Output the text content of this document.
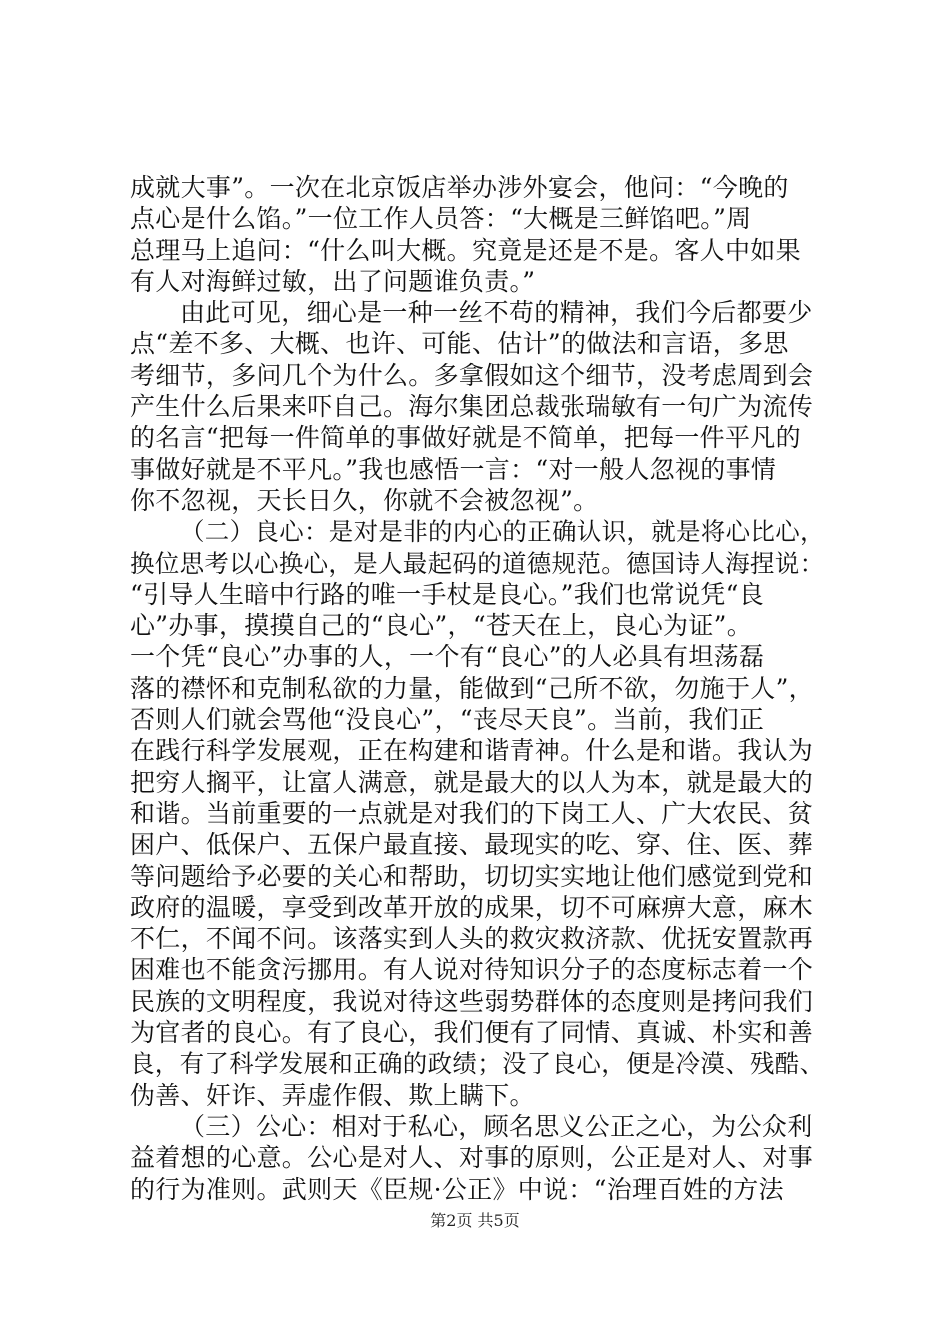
成就大事”。一次在北京饭店举办涉外宴会，他问：“今晚的
点心是什么馅。”一位工作人员答：“大概是三鲜馅吧。”周
总理马上追问：“什么叫大概。究竟是还是不是。客人中如果
有人对海鲜过敏，出了问题谁负责。”
由此可见，细心是一种一丝不苟的精神，我们今后都要少
点“差不多、大概、也许、可能、估计”的做法和言语，多思
考细节，多问几个为什么。多拿假如这个细节，没考虑周到会
产生什么后果来吓自己。海尔集团总裁张瑞敏有一句广为流传
的名言“把每一件简单的事做好就是不简单，把每一件平凡的
事做好就是不平凡。”我也感悟一言：“对一般人忽视的事情
你不忽视，天长日久，你就不会被忽视”。
（二）良心：是对是非的内心的正确认识，就是将心比心，
换位思考以心换心，是人最起码的道德规范。德国诗人海捏说：
“引导人生暗中行路的唯一手杖是良心。”我们也常说凭“良
心”办事，摸摸自己的“良心”，“苍天在上，良心为证”。
一个凭“良心”办事的人，一个有“良心”的人必具有坦荡磊
落的襟怀和克制私欲的力量，能做到“己所不欲，勿施于人”，
否则人们就会骂他“没良心”，“丧尽天良”。当前，我们正
在践行科学发展观，正在构建和谐青神。什么是和谐。我认为
把穷人搁平，让富人满意，就是最大的以人为本，就是最大的
和谐。当前重要的一点就是对我们的下岗工人、广大农民、贫
困户、低保户、五保户最直接、最现实的吃、穿、住、医、葬
等问题给予必要的关心和帮助，切切实实地让他们感觉到党和
政府的温暖，享受到改革开放的成果，切不可麻痹大意，麻木
不仁，不闻不问。该落实到人头的救灾救济款、优抚安置款再
困难也不能贪污挪用。有人说对待知识分子的态度标志着一个
民族的文明程度，我说对待这些弱势群体的态度则是拷问我们
为官者的良心。有了良心，我们便有了同情、真诚、朴实和善
良，有了科学发展和正确的政绩；没了良心，便是冷漠、残酷、
伪善、奸诈、弄虚作假、欺上瞒下。
（三）公心：相对于私心，顾名思义公正之心，为公众利
益着想的心意。公心是对人、对事的原则，公正是对人、对事
的行为准则。武则天《臣规·公正》中说：“治理百姓的方法
第2页 共5页
